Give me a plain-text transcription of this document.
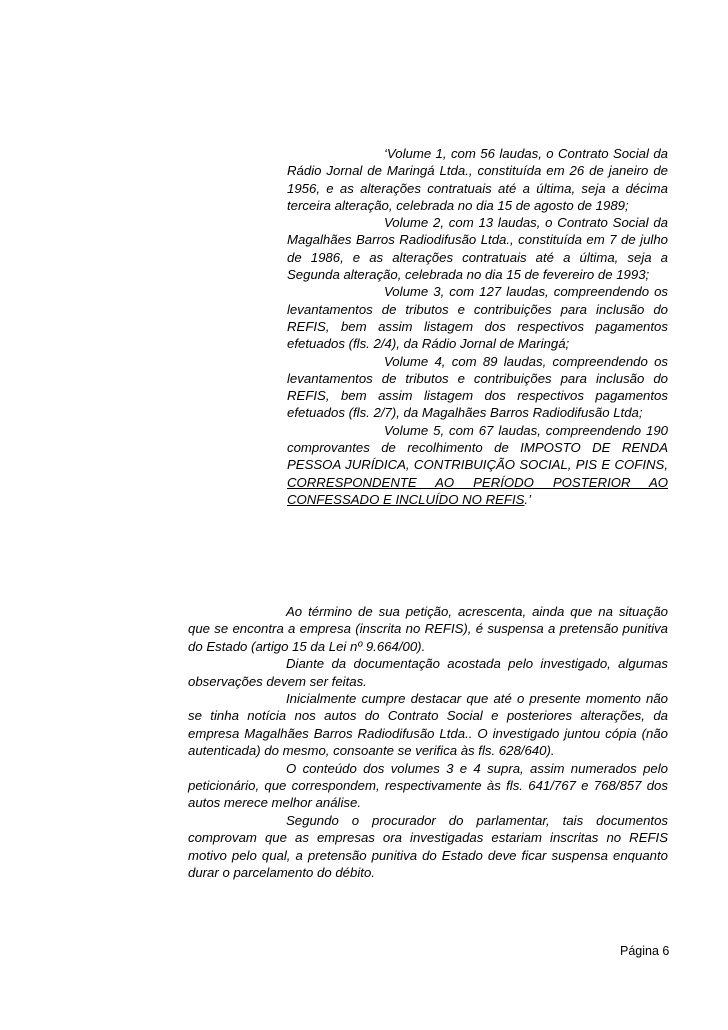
‘Volume 1, com 56 laudas, o Contrato Social da Rádio Jornal de Maringá Ltda., constituída em 26 de janeiro de 1956, e as alterações contratuais até a última, seja a décima terceira alteração, celebrada no dia 15 de agosto de 1989;

Volume 2, com 13 laudas, o Contrato Social da Magalhães Barros Radiodifusão Ltda., constituída em 7 de julho de 1986, e as alterações contratuais até a última, seja a Segunda alteração, celebrada no dia 15 de fevereiro de 1993;

Volume 3, com 127 laudas, compreendendo os levantamentos de tributos e contribuições para inclusão do REFIS, bem assim listagem dos respectivos pagamentos efetuados (fls. 2/4), da Rádio Jornal de Maringá;

Volume 4, com 89 laudas, compreendendo os levantamentos de tributos e contribuições para inclusão do REFIS, bem assim listagem dos respectivos pagamentos efetuados (fls. 2/7), da Magalhães Barros Radiodifusão Ltda;

Volume 5, com 67 laudas, compreendendo 190 comprovantes de recolhimento de IMPOSTO DE RENDA PESSOA JURÍDICA, CONTRIBUIÇÃO SOCIAL, PIS E COFINS, CORRESPONDENTE AO PERÍODO POSTERIOR AO CONFESSADO E INCLUÍDO NO REFIS.’

Ao término de sua petição, acrescenta, ainda que na situação que se encontra a empresa (inscrita no REFIS), é suspensa a pretensão punitiva do Estado (artigo 15 da Lei nº 9.664/00).

Diante da documentação acostada pelo investigado, algumas observações devem ser feitas.

Inicialmente cumpre destacar que até o presente momento não se tinha notícia nos autos do Contrato Social e posteriores alterações, da empresa Magalhães Barros Radiodifusão Ltda.. O investigado juntou cópia (não autenticada) do mesmo, consoante se verifica às fls. 628/640).

O conteúdo dos volumes 3 e 4 supra, assim numerados pelo peticionário, que correspondem, respectivamente às fls. 641/767 e 768/857 dos autos merece melhor análise.

Segundo o procurador do parlamentar, tais documentos comprovam que as empresas ora investigadas estariam inscritas no REFIS motivo pelo qual, a pretensão punitiva do Estado deve ficar suspensa enquanto durar o parcelamento do débito.

Página 6
